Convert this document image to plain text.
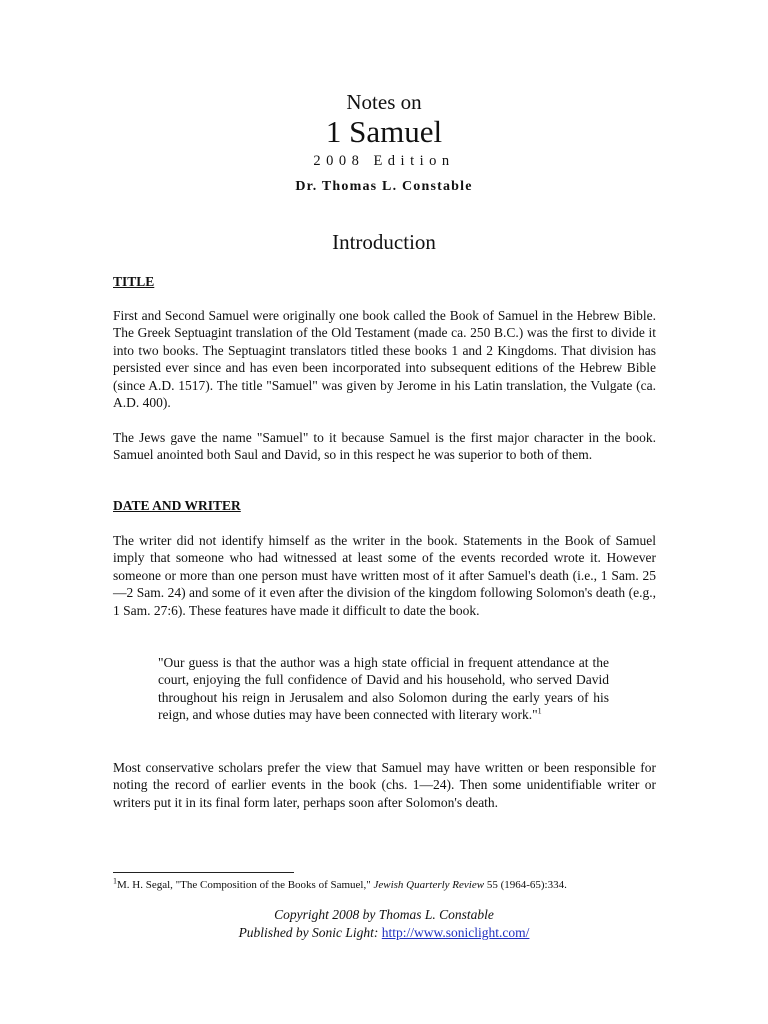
Notes on
1 Samuel
2008 Edition
Dr. Thomas L. Constable
Introduction
TITLE

First and Second Samuel were originally one book called the Book of Samuel in the Hebrew Bible. The Greek Septuagint translation of the Old Testament (made ca. 250 B.C.) was the first to divide it into two books. The Septuagint translators titled these books 1 and 2 Kingdoms. That division has persisted ever since and has even been incorporated into subsequent editions of the Hebrew Bible (since A.D. 1517). The title "Samuel" was given by Jerome in his Latin translation, the Vulgate (ca. A.D. 400).

The Jews gave the name "Samuel" to it because Samuel is the first major character in the book. Samuel anointed both Saul and David, so in this respect he was superior to both of them.

DATE AND WRITER

The writer did not identify himself as the writer in the book. Statements in the Book of Samuel imply that someone who had witnessed at least some of the events recorded wrote it. However someone or more than one person must have written most of it after Samuel's death (i.e., 1 Sam. 25—2 Sam. 24) and some of it even after the division of the kingdom following Solomon's death (e.g., 1 Sam. 27:6). These features have made it difficult to date the book.

"Our guess is that the author was a high state official in frequent attendance at the court, enjoying the full confidence of David and his household, who served David throughout his reign in Jerusalem and also Solomon during the early years of his reign, and whose duties may have been connected with literary work."$^1$

Most conservative scholars prefer the view that Samuel may have written or been responsible for noting the record of earlier events in the book (chs. 1—24). Then some unidentifiable writer or writers put it in its final form later, perhaps soon after Solomon's death.

$^1$M. H. Segal, "The Composition of the Books of Samuel," Jewish Quarterly Review 55 (1964-65):334.
Copyright 2008 by Thomas L. Constable
Published by Sonic Light: http://www.soniclight.com/
